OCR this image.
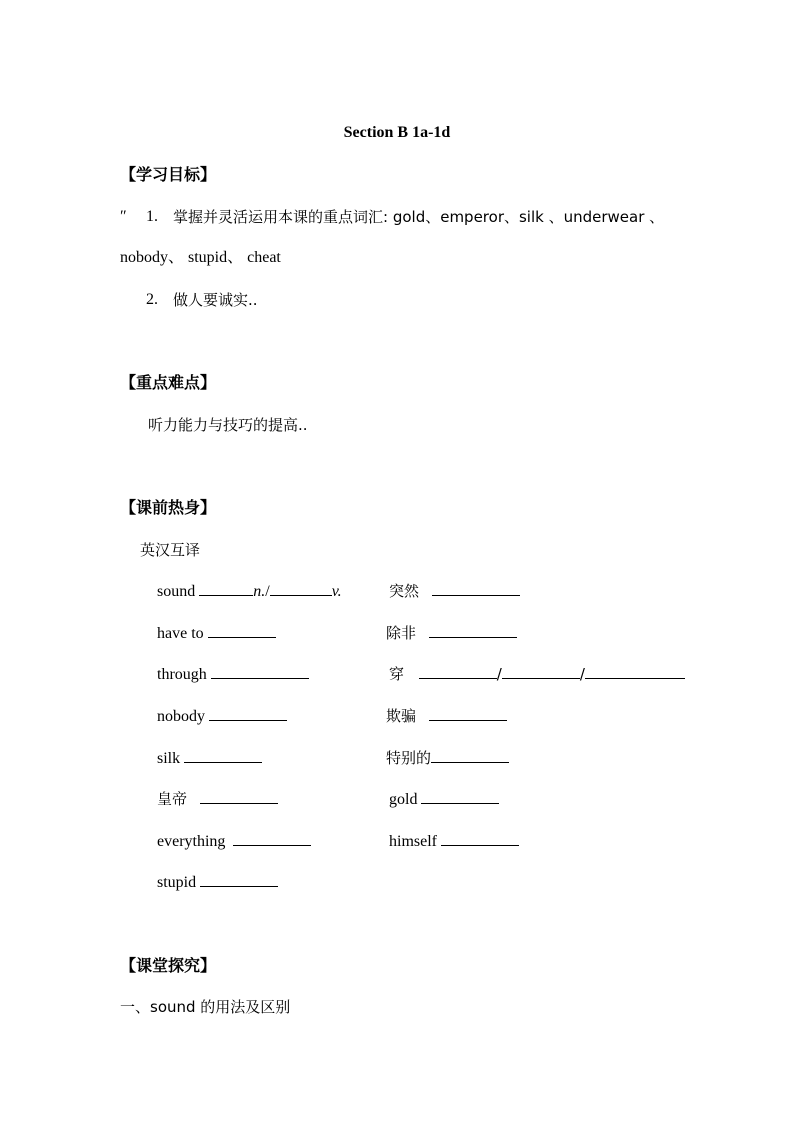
Section B 1a-1d
【学习目标】
″ 1. 掌握并灵活运用本课的重点词汇: gold、emperor、silk 、underwear 、
nobody、 stupid、 cheat
2. 做人要诚实..
【重点难点】
听力能力与技巧的提高..
【课前热身】
英汉互译
sound	n./	v.	突然
have to	除非
through	穿	/	/
nobody	欺骗
silk	特别的
皇帝	gold
everything	himself
stupid
【课堂探究】
一、sound 的用法及区别
